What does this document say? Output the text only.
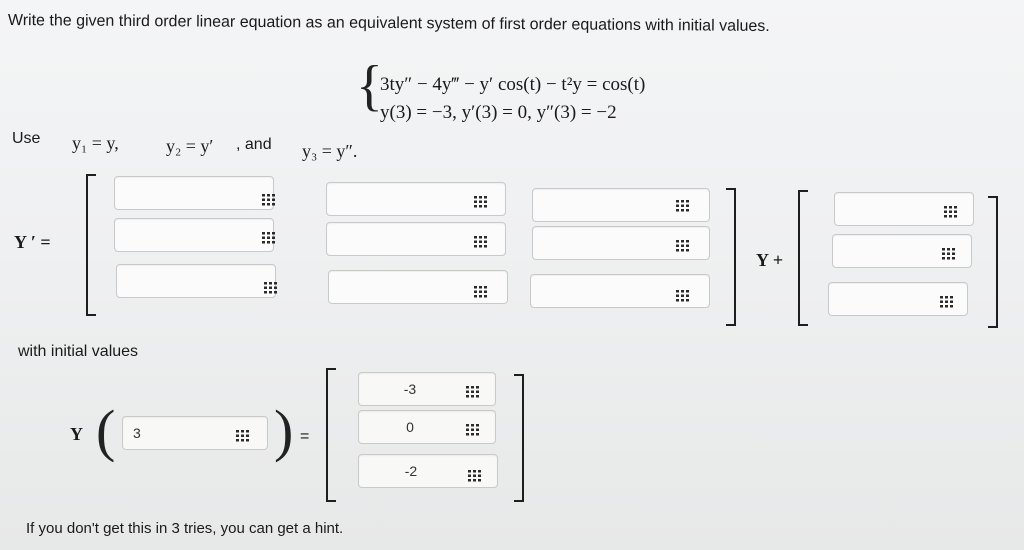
Write the given third order linear equation as an equivalent system of first order equations with initial values.
{
3ty″ − 4y‴ − y′ cos(t) − t²y = cos(t)
y(3) = −3, y′(3) = 0, y″(3) = −2
Use y₁ = y,	y₂ = y′ , and y₃ = y″.
Y ′ =
Y +
with initial values
Y (	3	) =
-3
0
-2
If you don't get this in 3 tries, you can get a hint.
